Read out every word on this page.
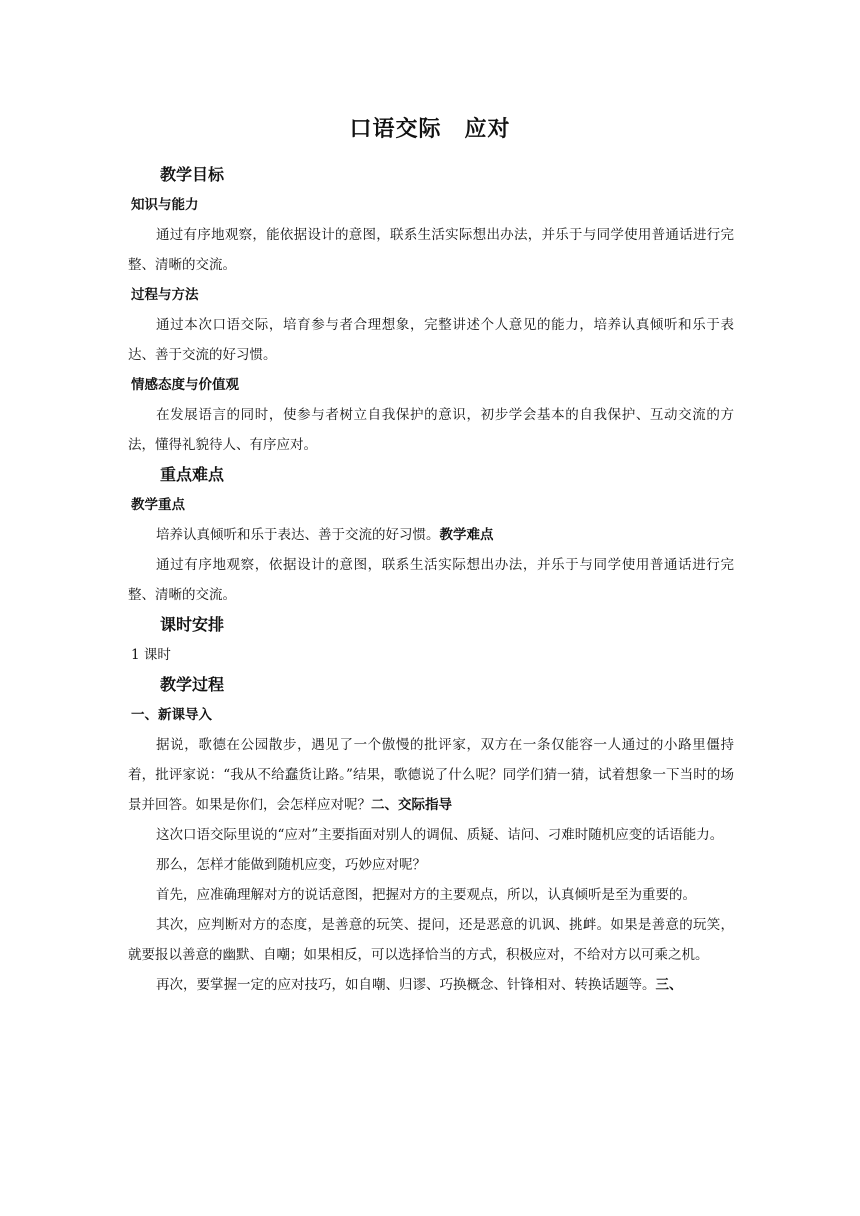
口语交际　应对
教学目标
知识与能力
通过有序地观察，能依据设计的意图，联系生活实际想出办法，并乐于与同学使用普通话进行完整、清晰的交流。
过程与方法
通过本次口语交际，培育参与者合理想象，完整讲述个人意见的能力，培养认真倾听和乐于表达、善于交流的好习惯。
情感态度与价值观
在发展语言的同时，使参与者树立自我保护的意识，初步学会基本的自我保护、互动交流的方法，懂得礼貌待人、有序应对。
重点难点
教学重点
培养认真倾听和乐于表达、善于交流的好习惯。教学难点
通过有序地观察，依据设计的意图，联系生活实际想出办法，并乐于与同学使用普通话进行完整、清晰的交流。
课时安排
1 课时
教学过程
一、新课导入
据说，歌德在公园散步，遇见了一个傲慢的批评家，双方在一条仅能容一人通过的小路里僵持着，批评家说：“我从不给蠢货让路。”结果，歌德说了什么呢？同学们猜一猜，试着想象一下当时的场景并回答。如果是你们，会怎样应对呢？二、交际指导
这次口语交际里说的“应对”主要指面对别人的调侃、质疑、诘问、刁难时随机应变的话语能力。
那么，怎样才能做到随机应变，巧妙应对呢？
首先，应准确理解对方的说话意图，把握对方的主要观点，所以，认真倾听是至为重要的。
其次，应判断对方的态度，是善意的玩笑、提问，还是恶意的讥讽、挑衅。如果是善意的玩笑，就要报以善意的幽默、自嘲；如果相反，可以选择恰当的方式，积极应对，不给对方以可乘之机。
再次，要掌握一定的应对技巧，如自嘲、归谬、巧换概念、针锋相对、转换话题等。三、
